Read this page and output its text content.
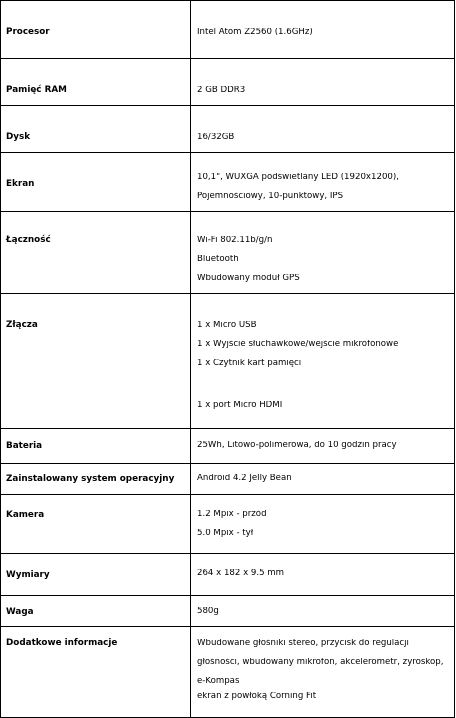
Procesor	Intel Atom Z2560 (1.6GHz)

Pamięć RAM	2 GB DDR3

Dysk	16/32GB

Ekran	10,1", WUXGA podświetlany LED (1920x1200),
Pojemnościowy, 10-punktowy, IPS

Łączność	Wi-Fi 802.11b/g/n
Bluetooth
Wbudowany moduł GPS

Złącza	1 x Micro USB
1 x Wyjście słuchawkowe/wejście mikrofonowe
1 x Czytnik kart pamięci
1 x port Micro HDMI

Bateria	25Wh, Litowo-polimerowa, do 10 godzin pracy

Zainstalowany system operacyjny	Android 4.2 Jelly Bean

Kamera	1.2 Mpix - przód
5.0 Mpix - tył

Wymiary	264 x 182 x 9.5 mm

Waga	580g

Dodatkowe informacje	Wbudowane głośniki stereo, przycisk do regulacji
głośności, wbudowany mikrofon, akcelerometr, żyroskop,
e-Kompas
ekran z powłoką Corning Fit
